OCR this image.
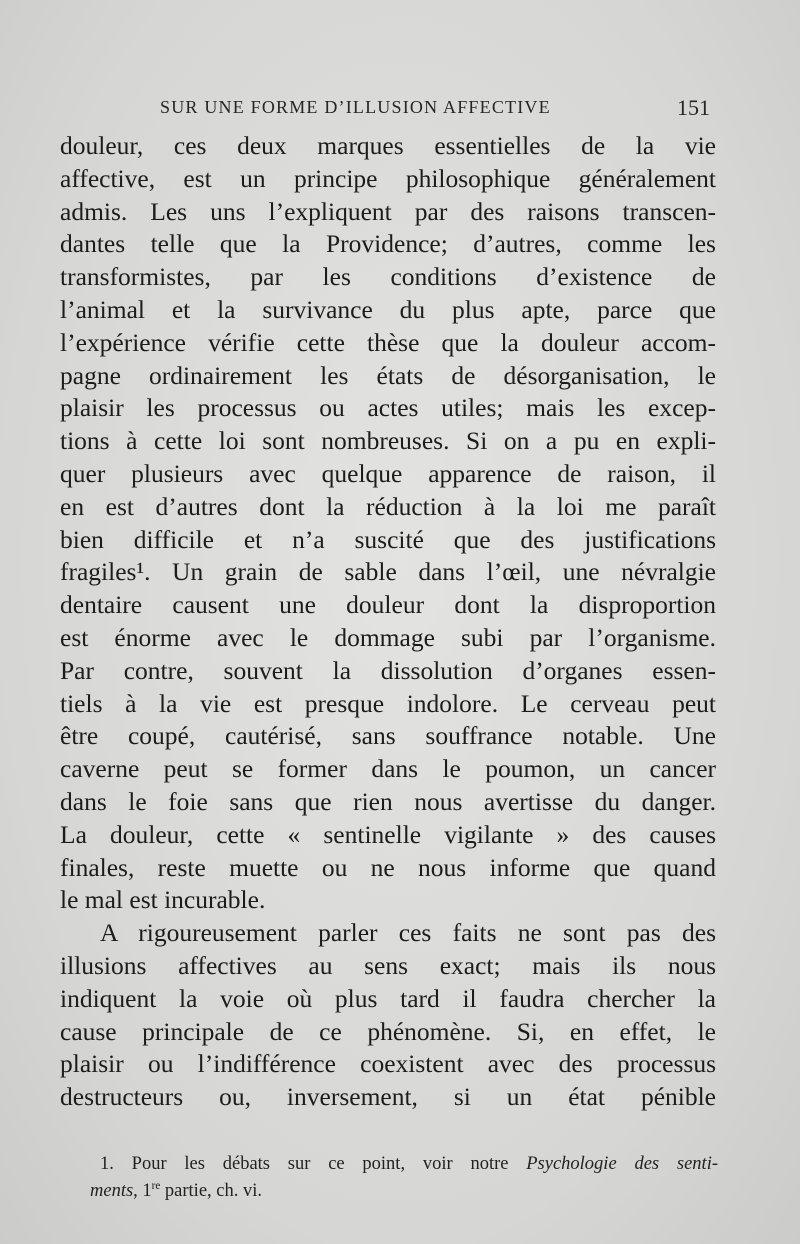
SUR UNE FORME D’ILLUSION AFFECTIVE	151
douleur, ces deux marques essentielles de la vie
affective, est un principe philosophique généralement
admis. Les uns l’expliquent par des raisons transcen-
dantes telle que la Providence; d’autres, comme les
transformistes, par les conditions d’existence de
l’animal et la survivance du plus apte, parce que
l’expérience vérifie cette thèse que la douleur accom-
pagne ordinairement les états de désorganisation, le
plaisir les processus ou actes utiles; mais les excep-
tions à cette loi sont nombreuses. Si on a pu en expli-
quer plusieurs avec quelque apparence de raison, il
en est d’autres dont la réduction à la loi me paraît
bien difficile et n’a suscité que des justifications
fragiles¹. Un grain de sable dans l’œil, une névralgie
dentaire causent une douleur dont la disproportion
est énorme avec le dommage subi par l’organisme.
Par contre, souvent la dissolution d’organes essen-
tiels à la vie est presque indolore. Le cerveau peut
être coupé, cautérisé, sans souffrance notable. Une
caverne peut se former dans le poumon, un cancer
dans le foie sans que rien nous avertisse du danger.
La douleur, cette « sentinelle vigilante » des causes
finales, reste muette ou ne nous informe que quand
le mal est incurable.
A rigoureusement parler ces faits ne sont pas des
illusions affectives au sens exact; mais ils nous
indiquent la voie où plus tard il faudra chercher la
cause principale de ce phénomène. Si, en effet, le
plaisir ou l’indifférence coexistent avec des processus
destructeurs ou, inversement, si un état pénible
1. Pour les débats sur ce point, voir notre Psychologie des senti-
ments, 1re partie, ch. vi.
